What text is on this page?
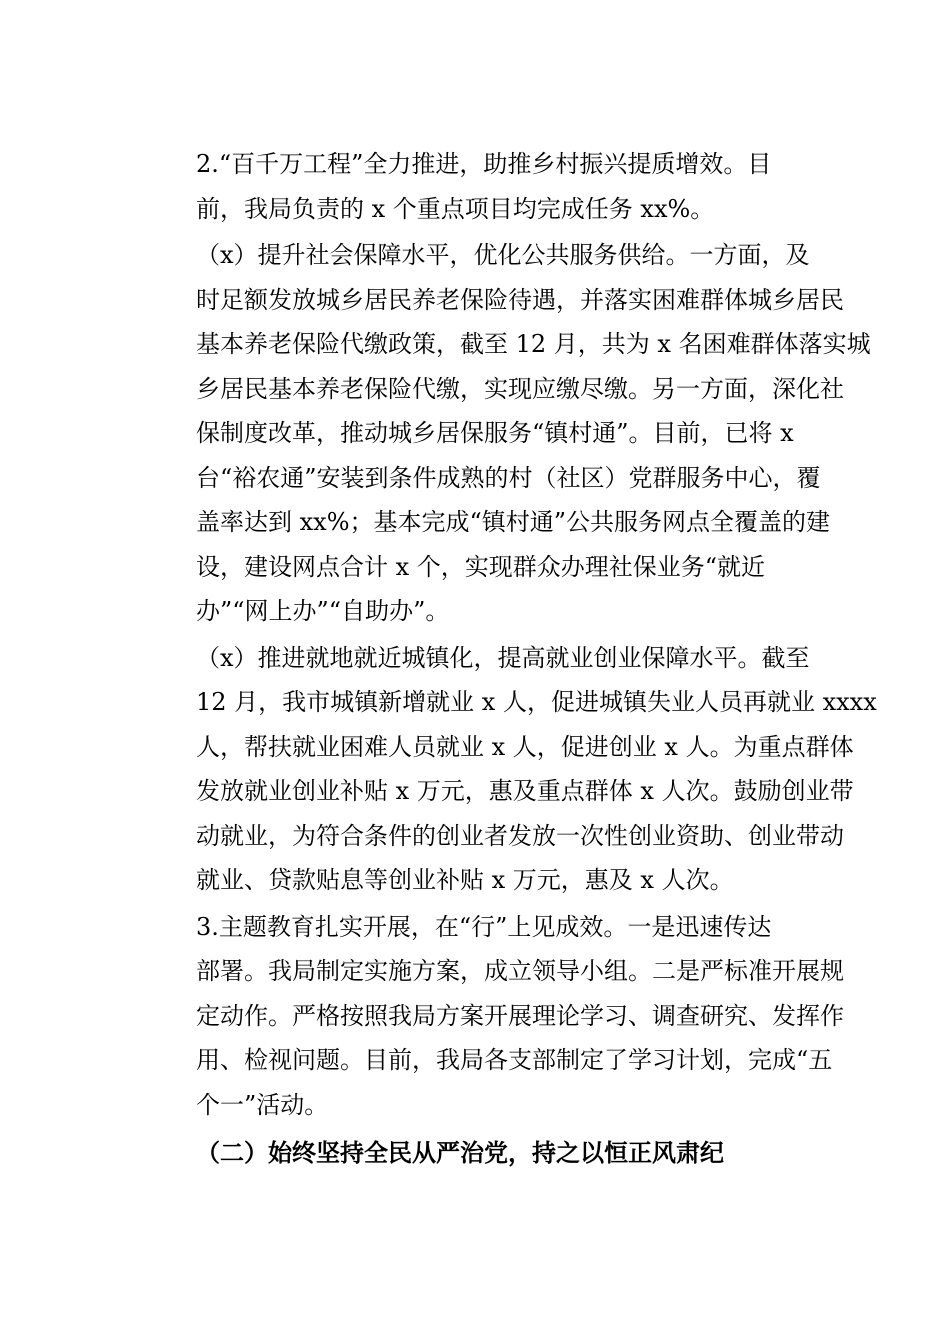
2.“百千万工程”全力推进，助推乡村振兴提质增效。目
前，我局负责的 x 个重点项目均完成任务 xx%。

（x）提升社会保障水平，优化公共服务供给。一方面，及
时足额发放城乡居民养老保险待遇，并落实困难群体城乡居民
基本养老保险代缴政策，截至 12 月，共为 x 名困难群体落实城
乡居民基本养老保险代缴，实现应缴尽缴。另一方面，深化社
保制度改革，推动城乡居保服务“镇村通”。目前，已将 x
台“裕农通”安装到条件成熟的村（社区）党群服务中心，覆
盖率达到 xx%；基本完成“镇村通”公共服务网点全覆盖的建
设，建设网点合计 x 个，实现群众办理社保业务“就近
办”“网上办”“自助办”。

（x）推进就地就近城镇化，提高就业创业保障水平。截至
12 月，我市城镇新增就业 x 人，促进城镇失业人员再就业 xxxx
人，帮扶就业困难人员就业 x 人，促进创业 x 人。为重点群体
发放就业创业补贴 x 万元，惠及重点群体 x 人次。鼓励创业带
动就业，为符合条件的创业者发放一次性创业资助、创业带动
就业、贷款贴息等创业补贴 x 万元，惠及 x 人次。

3.主题教育扎实开展，在“行”上见成效。一是迅速传达
部署。我局制定实施方案，成立领导小组。二是严标准开展规
定动作。严格按照我局方案开展理论学习、调查研究、发挥作
用、检视问题。目前，我局各支部制定了学习计划，完成“五
个一”活动。

（二）始终坚持全民从严治党，持之以恒正风肃纪
